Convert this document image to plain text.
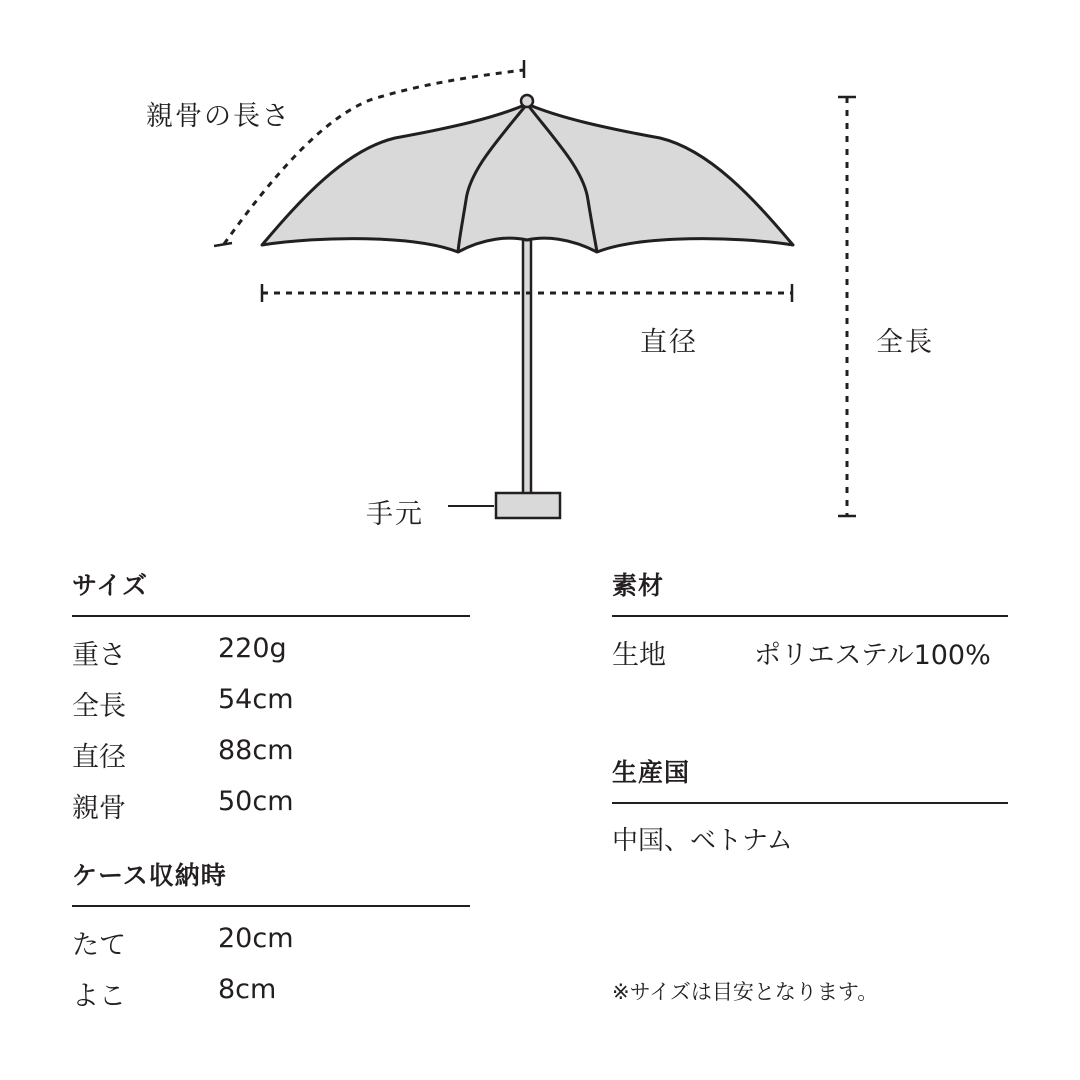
親骨の長さ
直径	全長
手元
サイズ
重さ	220g
全長	54cm
直径	88cm
親骨	50cm
ケース収納時
たて	20cm
よこ	8cm
素材
生地	ポリエステル100%
生産国
中国、ベトナム
※サイズは目安となります。
